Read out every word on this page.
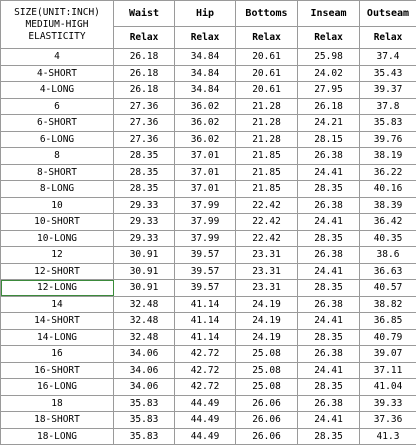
SIZE(UNIT:INCH)
MEDIUM-HIGH
ELASTICITY	Waist	Hip	Bottoms	Inseam	Outseam
	Relax	Relax	Relax	Relax	Relax
4	26.18	34.84	20.61	25.98	37.4
4-SHORT	26.18	34.84	20.61	24.02	35.43
4-LONG	26.18	34.84	20.61	27.95	39.37
6	27.36	36.02	21.28	26.18	37.8
6-SHORT	27.36	36.02	21.28	24.21	35.83
6-LONG	27.36	36.02	21.28	28.15	39.76
8	28.35	37.01	21.85	26.38	38.19
8-SHORT	28.35	37.01	21.85	24.41	36.22
8-LONG	28.35	37.01	21.85	28.35	40.16
10	29.33	37.99	22.42	26.38	38.39
10-SHORT	29.33	37.99	22.42	24.41	36.42
10-LONG	29.33	37.99	22.42	28.35	40.35
12	30.91	39.57	23.31	26.38	38.6
12-SHORT	30.91	39.57	23.31	24.41	36.63
12-LONG	30.91	39.57	23.31	28.35	40.57
14	32.48	41.14	24.19	26.38	38.82
14-SHORT	32.48	41.14	24.19	24.41	36.85
14-LONG	32.48	41.14	24.19	28.35	40.79
16	34.06	42.72	25.08	26.38	39.07
16-SHORT	34.06	42.72	25.08	24.41	37.11
16-LONG	34.06	42.72	25.08	28.35	41.04
18	35.83	44.49	26.06	26.38	39.33
18-SHORT	35.83	44.49	26.06	24.41	37.36
18-LONG	35.83	44.49	26.06	28.35	41.3
